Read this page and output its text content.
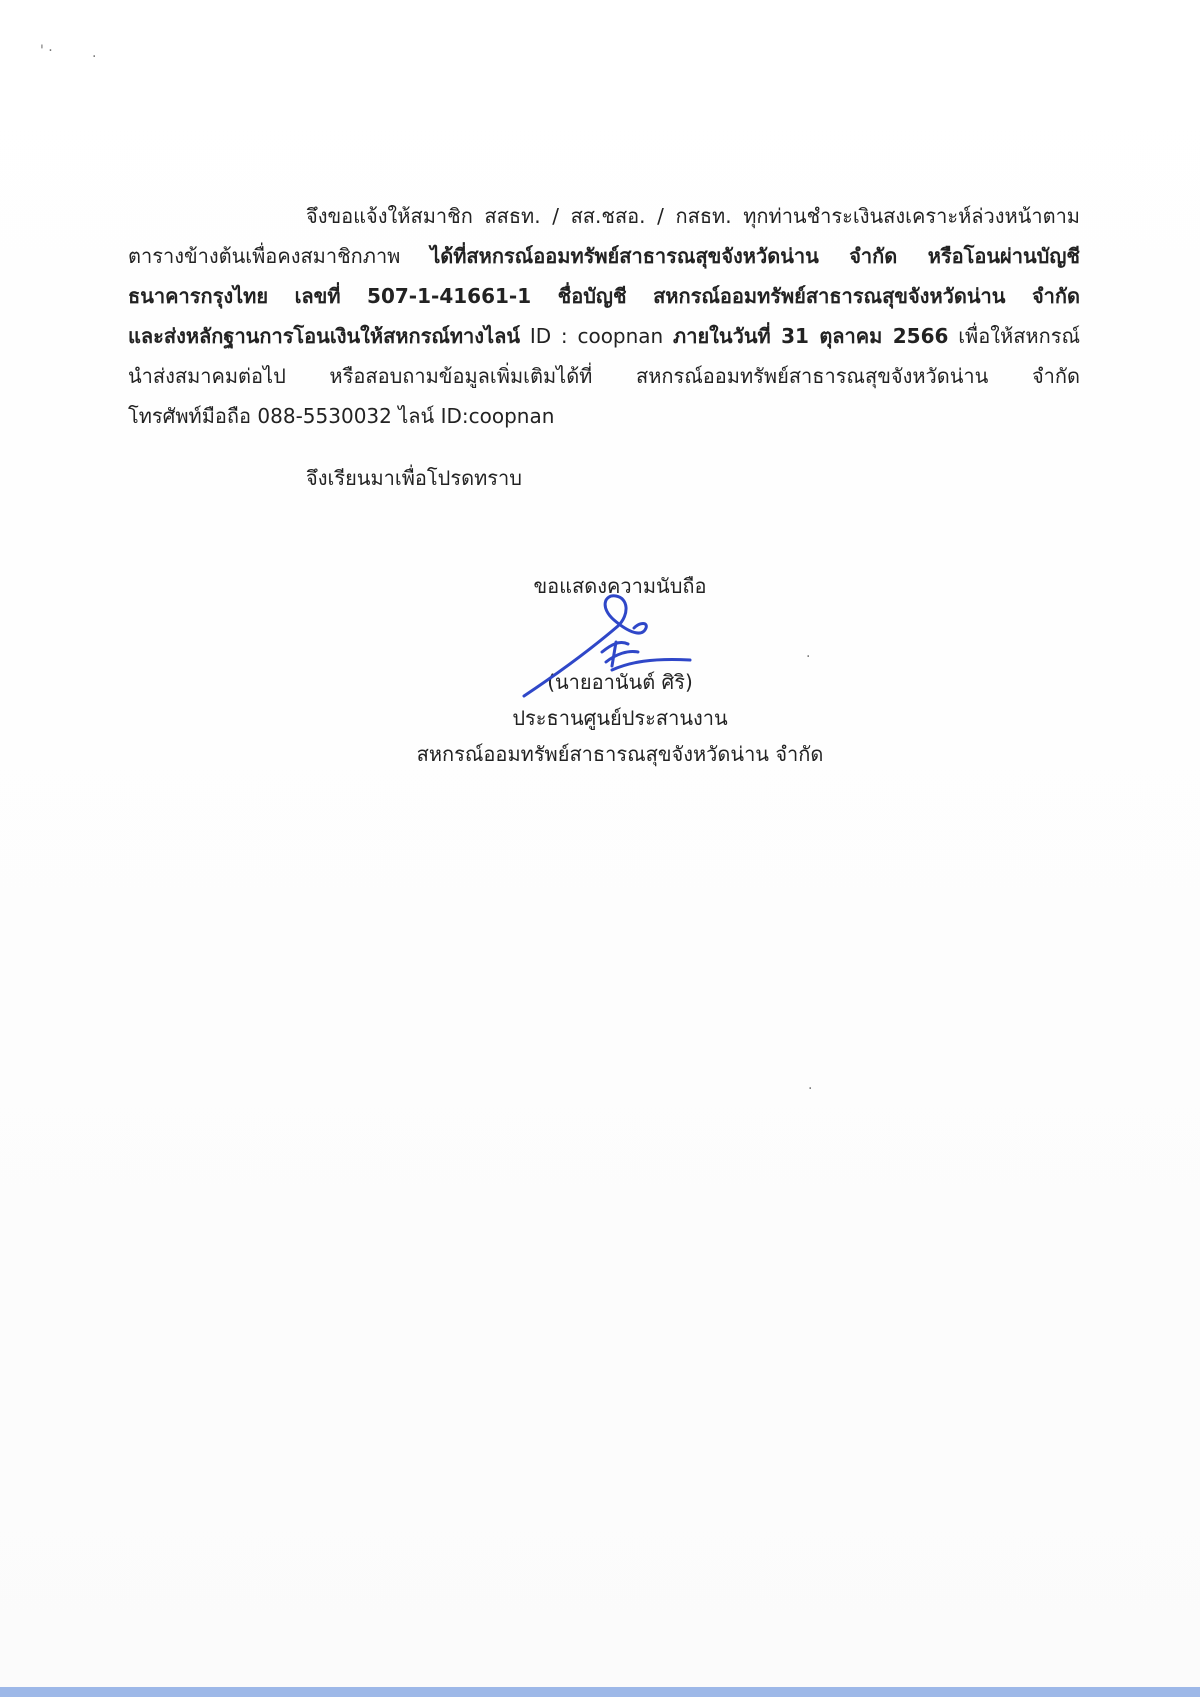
' ·	·
·
·
จึงขอแจ้งให้สมาชิก สสธท. / สส.ชสอ. / กสธท. ทุกท่านชำระเงินสงเคราะห์ล่วงหน้าตาม
ตารางข้างต้นเพื่อคงสมาชิกภาพ ได้ที่สหกรณ์ออมทรัพย์สาธารณสุขจังหวัดน่าน จำกัด หรือโอนผ่านบัญชี
ธนาคารกรุงไทย เลขที่ 507-1-41661-1 ชื่อบัญชี สหกรณ์ออมทรัพย์สาธารณสุขจังหวัดน่าน จำกัด
และส่งหลักฐานการโอนเงินให้สหกรณ์ทางไลน์ ID : coopnan ภายในวันที่ 31 ตุลาคม 2566 เพื่อให้สหกรณ์
นำส่งสมาคมต่อไป หรือสอบถามข้อมูลเพิ่มเติมได้ที่ สหกรณ์ออมทรัพย์สาธารณสุขจังหวัดน่าน จำกัด
โทรศัพท์มือถือ 088-5530032 ไลน์ ID:coopnan
จึงเรียนมาเพื่อโปรดทราบ
ขอแสดงความนับถือ
(นายอานันต์ ศิริ)
ประธานศูนย์ประสานงาน
สหกรณ์ออมทรัพย์สาธารณสุขจังหวัดน่าน จำกัด
